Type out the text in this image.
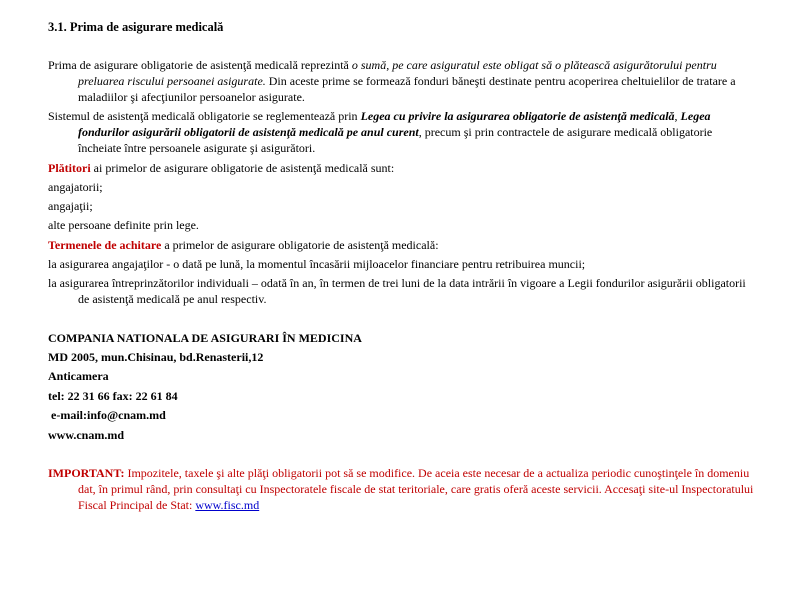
3.1. Prima de asigurare medicală
Prima de asigurare obligatorie de asistenţă medicală reprezintă o sumă, pe care asiguratul este obligat să o plătească asigurătorului pentru preluarea riscului persoanei asigurate. Din aceste prime se formează fonduri băneşti destinate pentru acoperirea cheltuielilor de tratare a maladiilor şi afecţiunilor persoanelor asigurate.
Sistemul de asistenţă medicală obligatorie se reglementează prin Legea cu privire la asigurarea obligatorie de asistenţă medicală, Legea fondurilor asigurării obligatorii de asistenţă medicală pe anul curent, precum şi prin contractele de asigurare medicală obligatorie încheiate între persoanele asigurate şi asigurători.
Plătitori ai primelor de asigurare obligatorie de asistenţă medicală sunt:
angajatorii;
angajaţii;
alte persoane definite prin lege.
Termenele de achitare a primelor de asigurare obligatorie de asistenţă medicală:
la asigurarea angajaţilor - o dată pe lună, la momentul încasării mijloacelor financiare pentru retribuirea muncii;
la asigurarea întreprinzătorilor individuali – odată în an, în termen de trei luni de la data intrării în vigoare a Legii fondurilor asigurării obligatorii de asistenţă medicală pe anul respectiv.
COMPANIA NATIONALA DE ASIGURARI ÎN MEDICINA
MD 2005, mun.Chisinau, bd.Renasterii,12
Anticamera
tel: 22 31 66 fax: 22 61 84
e-mail:info@cnam.md
www.cnam.md
IMPORTANT: Impozitele, taxele şi alte plăţi obligatorii pot să se modifice. De aceia este necesar de a actualiza periodic cunoştinţele în domeniu dat, în primul rând, prin consultaţi cu Inspectoratele fiscale de stat teritoriale, care gratis oferă aceste servicii. Accesaţi site-ul Inspectoratului Fiscal Principal de Stat: www.fisc.md
